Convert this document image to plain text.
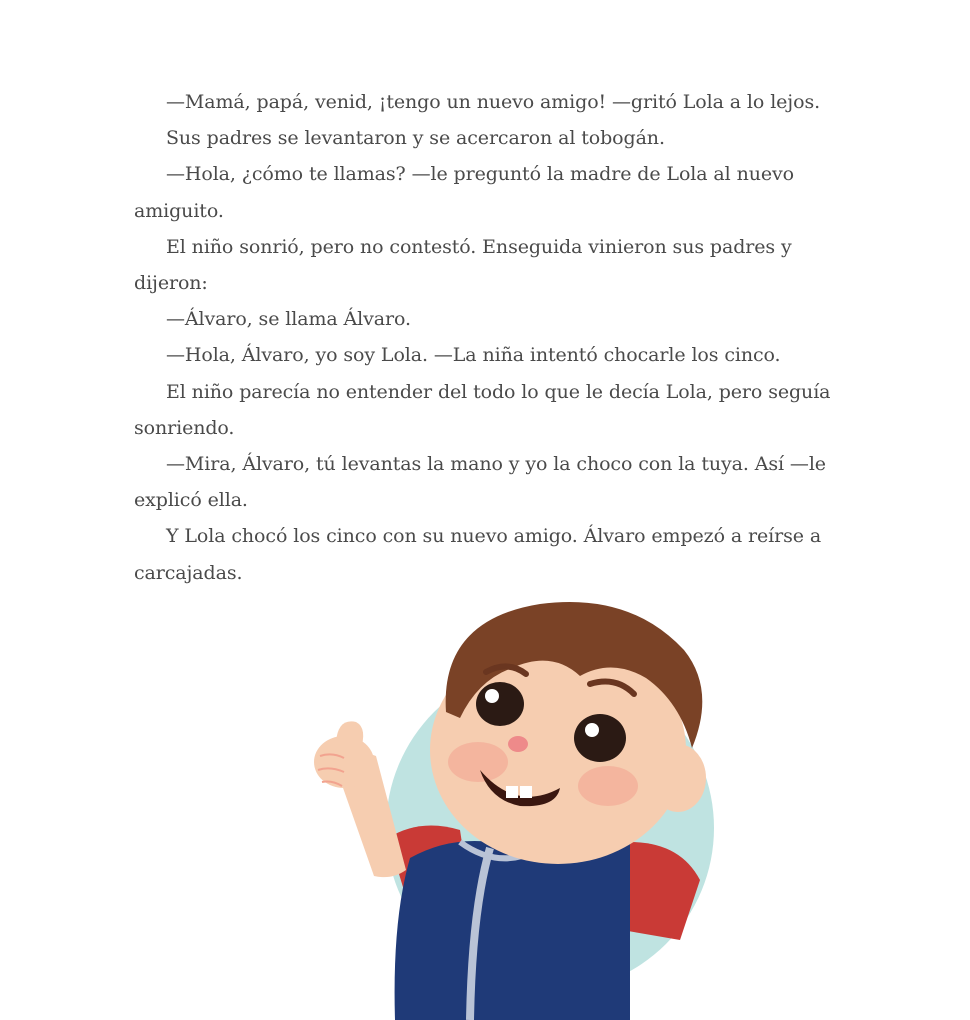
—Mamá, papá, venid, ¡tengo un nuevo amigo! —gritó Lola a lo lejos.

Sus padres se levantaron y se acercaron al tobogán.

—Hola, ¿cómo te llamas? —le preguntó la madre de Lola al nuevo amiguito.

El niño sonrió, pero no contestó. Enseguida vinieron sus padres y dijeron:

—Álvaro, se llama Álvaro.

—Hola, Álvaro, yo soy Lola. —La niña intentó chocarle los cinco.

El niño parecía no entender del todo lo que le decía Lola, pero seguía sonriendo.

—Mira, Álvaro, tú levantas la mano y yo la choco con la tuya. Así —le explicó ella.

Y Lola chocó los cinco con su nuevo amigo. Álvaro empezó a reírse a carcajadas.
